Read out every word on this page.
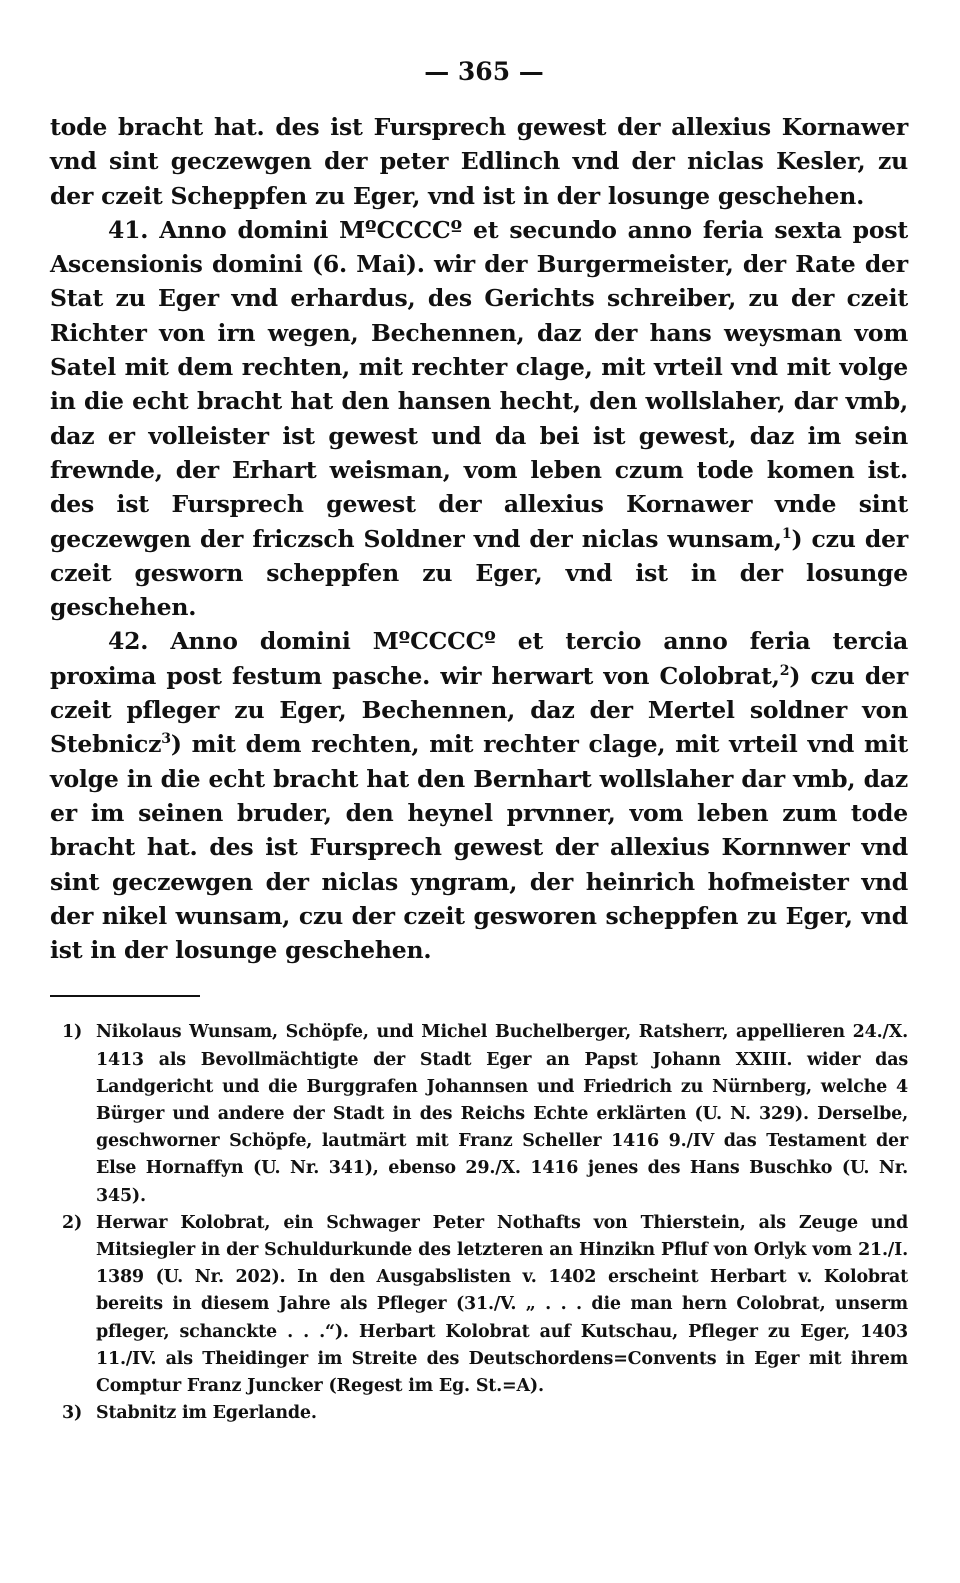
— 365 —

tode bracht hat. des ist Fursprech gewest der allexius Kornawer vnd sint geczewgen der peter Edlinch vnd der niclas Kesler, zu der czeit Scheppfen zu Eger, vnd ist in der losunge geschehen.

41. Anno domini MºCCCCº et secundo anno feria sexta post Ascensionis domini (6. Mai). wir der Burgermeister, der Rate der Stat zu Eger vnd erhardus, des Gerichts schreiber, zu der czeit Richter von irn wegen, Bechennen, daz der hans weysman vom Satel mit dem rechten, mit rechter clage, mit vrteil vnd mit volge in die echt bracht hat den hansen hecht, den wollslaher, dar vmb, daz er volleister ist gewest und da bei ist gewest, daz im sein frewnde, der Erhart weisman, vom leben czum tode komen ist. des ist Fursprech gewest der allexius Kornawer vnde sint geczewgen der friczsch Soldner vnd der niclas wunsam,$^1$) czu der czeit gesworn scheppfen zu Eger, vnd ist in der losunge geschehen.

42. Anno domini MºCCCCº et tercio anno feria tercia proxima post festum pasche. wir herwart von Colobrat,$^2$) czu der czeit pfleger zu Eger, Bechennen, daz der Mertel soldner von Stebnicz$^3$) mit dem rechten, mit rechter clage, mit vrteil vnd mit volge in die echt bracht hat den Bernhart wollslaher dar vmb, daz er im seinen bruder, den heynel prvnner, vom leben zum tode bracht hat. des ist Fursprech gewest der allexius Kornnwer vnd sint geczewgen der niclas yngram, der heinrich hofmeister vnd der nikel wunsam, czu der czeit gesworen scheppfen zu Eger, vnd ist in der losunge geschehen.

1) Nikolaus Wunsam, Schöpfe, und Michel Buchelberger, Ratsherr, appellieren 24./X. 1413 als Bevollmächtigte der Stadt Eger an Papst Johann XXIII. wider das Landgericht und die Burggrafen Johannsen und Friedrich zu Nürnberg, welche 4 Bürger und andere der Stadt in des Reichs Echte erklärten (U. N. 329). Derselbe, geschworner Schöpfe, lautmärt mit Franz Scheller 1416 9./IV das Testament der Else Hornaffyn (U. Nr. 341), ebenso 29./X. 1416 jenes des Hans Buschko (U. Nr. 345).
2) Herwar Kolobrat, ein Schwager Peter Nothafts von Thierstein, als Zeuge und Mitsiegler in der Schuldurkunde des letzteren an Hinzikn Pfluf von Orlyk vom 21./I. 1389 (U. Nr. 202). In den Ausgabslisten v. 1402 erscheint Herbart v. Kolobrat bereits in diesem Jahre als Pfleger (31./V. „ . . . die man hern Colobrat, unserm pfleger, schanckte . . .“). Herbart Kolobrat auf Kutschau, Pfleger zu Eger, 1403 11./IV. als Theidinger im Streite des Deutschordens=Convents in Eger mit ihrem Comptur Franz Juncker (Regest im Eg. St.=A).
3) Stabnitz im Egerlande.
